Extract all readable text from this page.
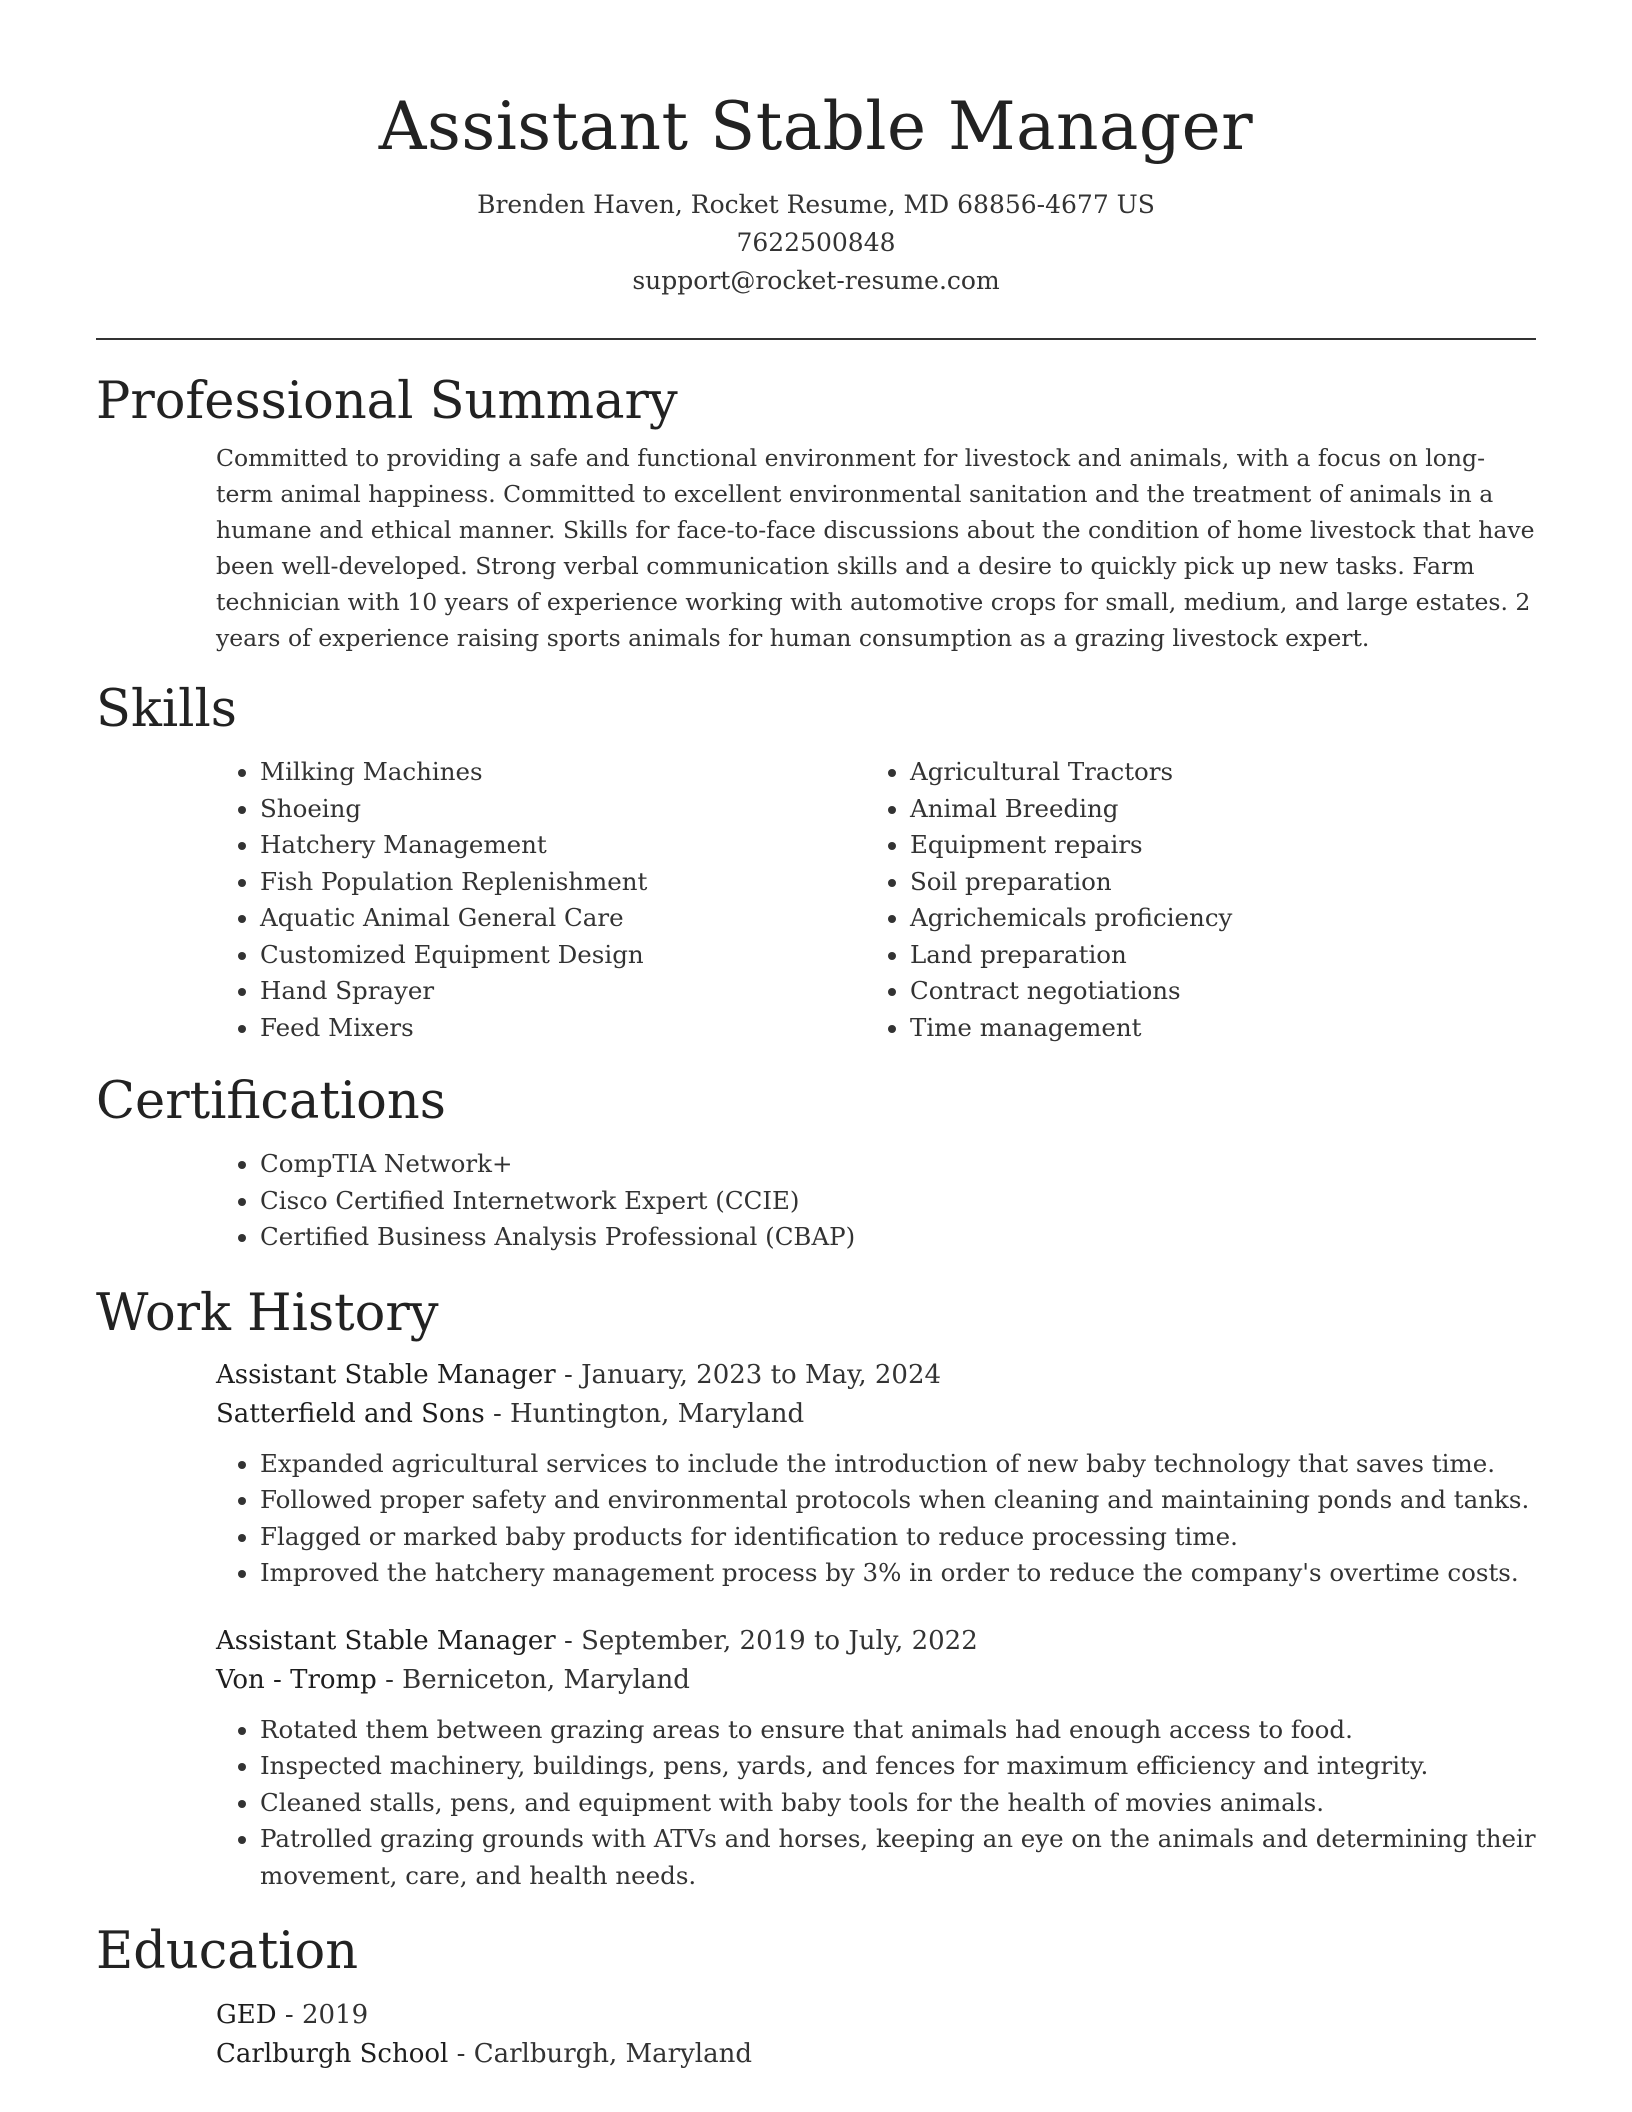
Assistant Stable Manager
Brenden Haven, Rocket Resume, MD 68856-4677 US
7622500848
support@rocket-resume.com
Professional Summary

Committed to providing a safe and functional environment for livestock and animals, with a focus on long-term animal happiness. Committed to excellent environmental sanitation and the treatment of animals in a humane and ethical manner. Skills for face-to-face discussions about the condition of home livestock that have been well-developed. Strong verbal communication skills and a desire to quickly pick up new tasks. Farm technician with 10 years of experience working with automotive crops for small, medium, and large estates. 2 years of experience raising sports animals for human consumption as a grazing livestock expert.

Skills
• Milking Machines
• Shoeing
• Hatchery Management
• Fish Population Replenishment
• Aquatic Animal General Care
• Customized Equipment Design
• Hand Sprayer
• Feed Mixers
• Agricultural Tractors
• Animal Breeding
• Equipment repairs
• Soil preparation
• Agrichemicals proficiency
• Land preparation
• Contract negotiations
• Time management
Certifications
• CompTIA Network+
• Cisco Certified Internetwork Expert (CCIE)
• Certified Business Analysis Professional (CBAP)
Work History
Assistant Stable Manager - January, 2023 to May, 2024
Satterfield and Sons - Huntington, Maryland
• Expanded agricultural services to include the introduction of new baby technology that saves time.
• Followed proper safety and environmental protocols when cleaning and maintaining ponds and tanks.
• Flagged or marked baby products for identification to reduce processing time.
• Improved the hatchery management process by 3% in order to reduce the company's overtime costs.
Assistant Stable Manager - September, 2019 to July, 2022
Von - Tromp - Berniceton, Maryland
• Rotated them between grazing areas to ensure that animals had enough access to food.
• Inspected machinery, buildings, pens, yards, and fences for maximum efficiency and integrity.
• Cleaned stalls, pens, and equipment with baby tools for the health of movies animals.
• Patrolled grazing grounds with ATVs and horses, keeping an eye on the animals and determining their movement, care, and health needs.
Education
GED - 2019
Carlburgh School - Carlburgh, Maryland
